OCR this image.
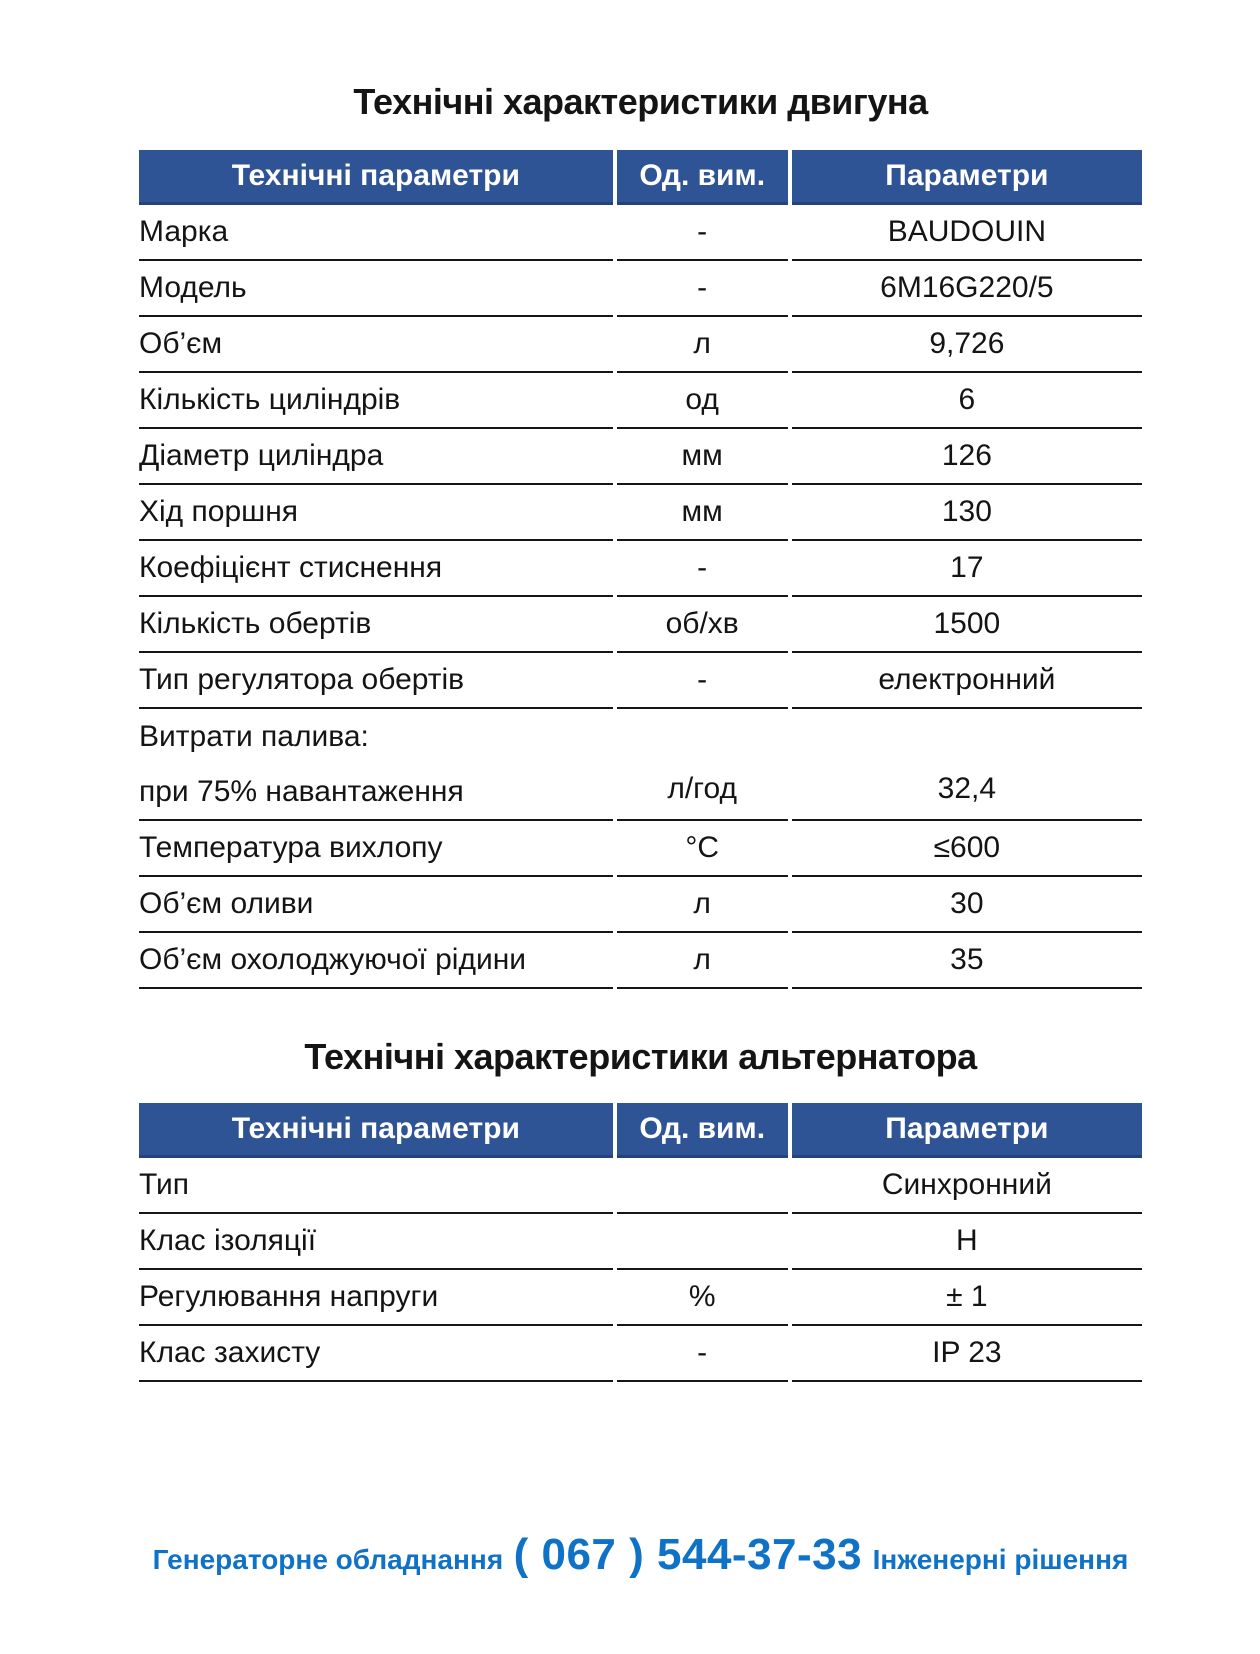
Технічні характеристики двигуна
Технічні параметри	Од. вим.	Параметри
Марка	-	BAUDOUIN
Модель	-	6M16G220/5
Об’єм	л	9,726
Кількість циліндрів	од	6
Діаметр циліндра	мм	126
Хід поршня	мм	130
Коефіцієнт стиснення	-	17
Кількість обертів	об/хв	1500
Тип регулятора обертів	-	електронний

Витрати палива:
при 75% навантаження	л/год	32,4
Температура вихлопу	°C	≤600
Об’єм оливи	л	30
Об’єм охолоджуючої рідини	л	35
Технічні характеристики альтернатора
Технічні параметри	Од. вим.	Параметри
Тип		Синхронний
Клас ізоляції		Н
Регулювання напруги	%	± 1
Клас захисту	-	IP 23
Генераторне обладнання ( 067 ) 544-37-33 Інженерні рішення
